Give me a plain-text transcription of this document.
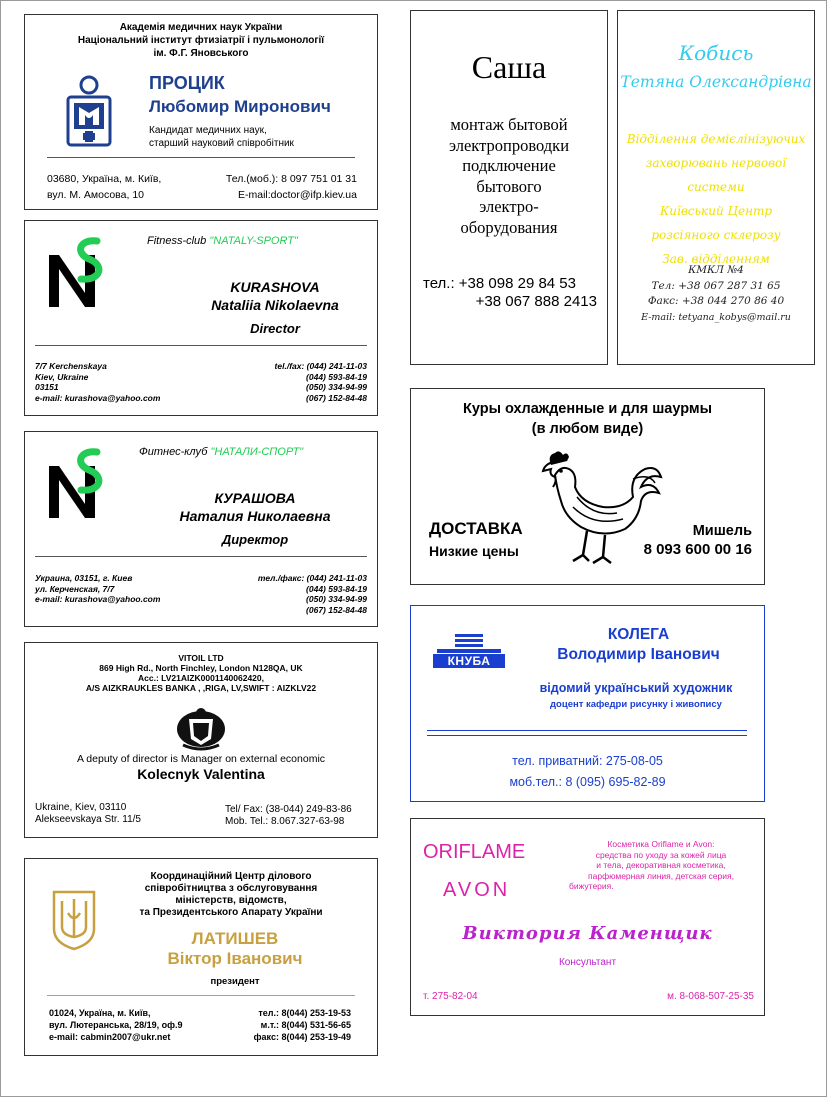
Академія медичних наук України
Національний інститут фтизіатрії і пульмонології
ім. Ф.Г. Яновського
ПРОЦИК
Любомир Миронович
Кандидат медичних наук,
старший науковий співробітник
03680, Україна, м. Київ,
вул. М. Амосова, 10
Тел.(моб.): 8 097 751 01 31
E-mail:doctor@ifp.kiev.ua
Fitness-club "NATALY-SPORT"
KURASHOVA
Nataliia Nikolaevna
Director
7/7 Kerchenskaya
Kiev, Ukraine
03151
e-mail: kurashova@yahoo.com
tel./fax: (044) 241-11-03
(044) 593-84-19
(050) 334-94-99
(067) 152-84-48
Фитнес-клуб "НАТАЛИ-СПОРТ"
КУРАШОВА
Наталия Николаевна
Директор
Украина, 03151, г. Киев
ул. Керченская, 7/7
e-mail: kurashova@yahoo.com
тел./факс: (044) 241-11-03
(044) 593-84-19
(050) 334-94-99
(067) 152-84-48
VITOIL LTD
869 High Rd., North Finchley, London N128QA, UK
Acc.: LV21AIZK0001140062420,
A/S AIZKRAUKLES BANKA , ,RIGA, LV,SWIFT : AIZKLV22
A deputy of director is Manager on external economic
Kolecnyk Valentina
Ukraine, Kiev, 03110
Alekseevskaya Str. 11/5
Tel/ Fax: (38-044) 249-83-86
Mob. Tel.: 8.067.327-63-98
Координаційний Центр ділового
співробітництва з обслуговування
міністерств, відомств,
та Президентського Апарату України
ЛАТИШЕВ
Віктор Іванович
президент
01024, Україна, м. Київ,
вул. Лютеранська, 28/19, оф.9
e-mail: cabmin2007@ukr.net
тел.: 8(044) 253-19-53
м.т.: 8(044) 531-56-65
факс: 8(044) 253-19-49
Саша
монтаж бытовой
электропроводки
подключение
бытового
электро-
оборудования
тел.: +38 098 29 84 53
+38 067 888 2413
Кобись
Тетяна Олександрівна
Відділення демієлінізуючих
захворювань нервової системи
Київський Центр
розсіяного склерозу
Зав. відділенням
КМКЛ №4
Тел: +38 067 287 31 65
Факс: +38 044 270 86 40
E-mail: tetyana_kobys@mail.ru
Куры охлажденные и для шаурмы
(в любом виде)
ДОСТАВКА
Низкие цены
Мишель
8 093 600 00 16
КНУБА
КОЛЕГА
Володимир Іванович
відомий український художник
доцент кафедри рисунку і живопису
тел. приватний: 275-08-05
моб.тел.: 8 (095) 695-82-89
ORIFLAME
AVON
Косметика Oriflame и Avon:
средства по уходу за кожей лица
и тела, декоративная косметика,
парфюмерная линия, детская серия,
бижутерия.
Виктория Каменщик
Консультант
т. 275-82-04	м. 8-068-507-25-35
